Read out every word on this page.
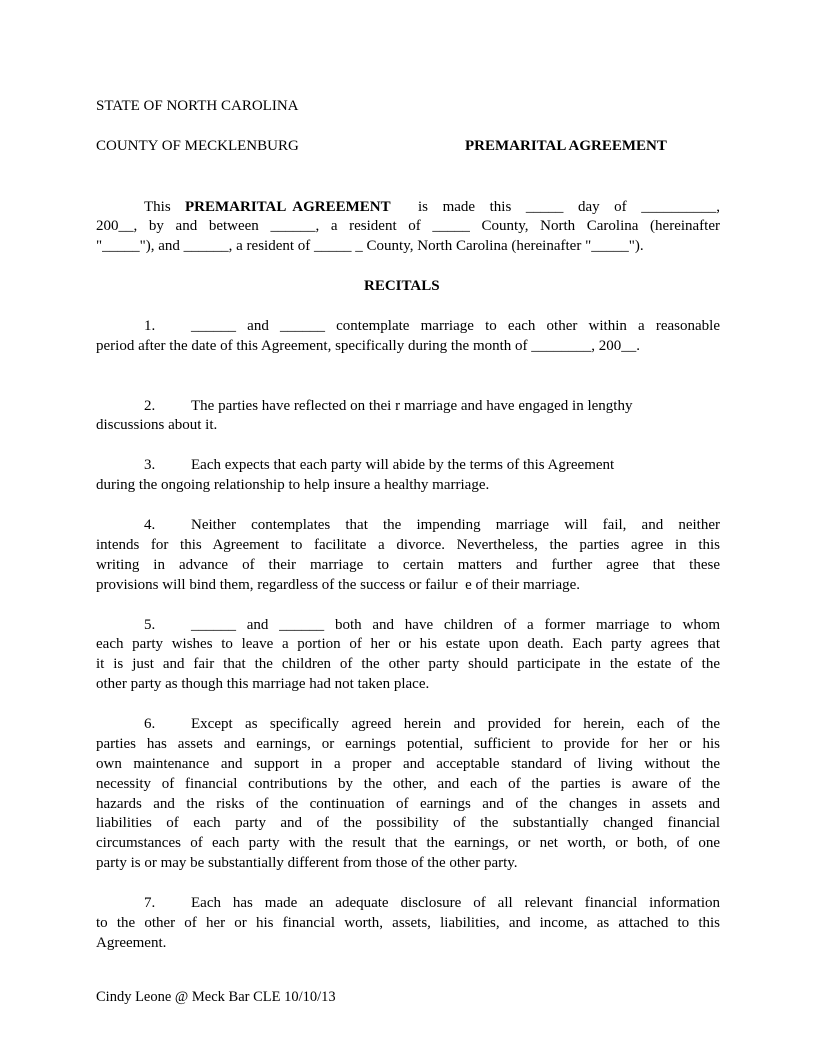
STATE OF NORTH CAROLINA
COUNTY OF MECKLENBURG	PREMARITAL AGREEMENT
This PREMARITAL  AGREEMENT is made this _____ day of __________,
200__, by and between ______, a resident of _____ County, North Carolina (hereinafter
"_____"), and ______, a resident of _____ _ County, North Carolina (hereinafter "_____").
RECITALS
1. ______ and ______ contemplate marriage to each other within a reasonable
period after the date of this Agreement, specifically during the month of ________, 200__.
2. The parties have reflected on thei r marriage and have engaged in lengthy
discussions about it.
3. Each expects that each party will abide by the terms of this Agreement
during the ongoing relationship to help insure a healthy marriage.
4. Neither contemplates that the impending marriage will fail, and neither
intends for this Agreement to facilitate a divorce. Nevertheless, the parties agree in this
writing in advance of their marriage to certain matters and further agree that these
provisions will bind them, regardless of the success or failur  e of their marriage.
5. ______ and ______ both and have children of a former marriage to whom
each party wishes to leave a portion of her or his estate upon death. Each party agrees that
it is just and fair that the children of the other party should participate in the estate of the
other party as though this marriage had not taken place.
6. Except as specifically agreed herein and provided for herein, each of the
parties has assets and earnings, or earnings potential, sufficient to provide for her or his
own maintenance and support in a proper and acceptable standard of living without the
necessity of financial contributions by the other, and each of the parties is aware of the
hazards and the risks of the continuation of earnings and of the changes in assets and
liabilities of each party and of the possibility of the substantially changed financial
circumstances of each party with the result that the earnings, or net worth, or both, of one
party is or may be substantially different from those of the other party.
7. Each has made an adequate disclosure of all relevant financial information
to the other of her or his financial worth, assets, liabilities, and income, as attached to this
Agreement.
Cindy Leone @ Meck Bar CLE 10/10/13
